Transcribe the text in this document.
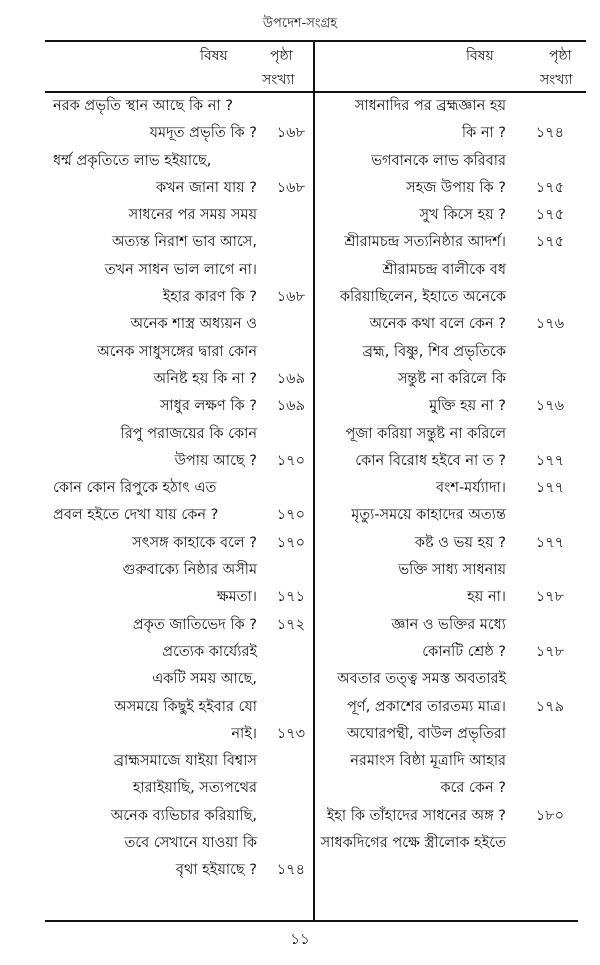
উপদেশ-সংগ্রহ
বিষয়	পৃষ্ঠা
সংখ্যা
বিষয়	পৃষ্ঠা
সংখ্যা
নরক প্রভৃতি স্থান আছে কি না ?
যমদূত প্রভৃতি কি ? ১৬৮
ধর্ম্ম প্রকৃতিতে লাভ হইয়াছে,
কখন জানা যায় ? ১৬৮
সাধনের পর সময় সময়
অত্যন্ত নিরাশ ভাব আসে,
তখন সাধন ভাল লাগে না।
ইহার কারণ কি ? ১৬৮
অনেক শাস্ত্র অধ্যয়ন ও
অনেক সাধুসঙ্গের দ্বারা কোন
অনিষ্ট হয় কি না ? ১৬৯
সাধুর লক্ষণ কি ? ১৬৯
রিপু পরাজয়ের কি কোন
উপায় আছে ? ১৭০
কোন কোন রিপুকে হঠাৎ এত
প্রবল হইতে দেখা যায় কেন ?	১৭০
সৎসঙ্গ কাহাকে বলে ? ১৭০
গুরুবাক্যে নিষ্ঠার অসীম
ক্ষমতা। ১৭১
প্রকৃত জাতিভেদ কি ? ১৭২
প্রত্যেক কার্য্যেরই
একটি সময় আছে,
অসময়ে কিছুই হইবার যো
নাই। ১৭৩
ব্রাহ্মসমাজে যাইয়া বিশ্বাস
হারাইয়াছি, সত্যপথের
অনেক ব্যভিচার করিয়াছি,
তবে সেখানে যাওয়া কি
বৃথা হইয়াছে ? ১৭৪
সাধনাদির পর ব্রহ্মজ্ঞান হয়
কি না ? ১৭৪
ভগবানকে লাভ করিবার
সহজ উপায় কি ? ১৭৫
সুখ কিসে হয় ? ১৭৫
শ্রীরামচন্দ্র সত্যনিষ্ঠার আদর্শ। ১৭৫
শ্রীরামচন্দ্র বালীকে বধ
করিয়াছিলেন, ইহাতে অনেকে
অনেক কথা বলে কেন ? ১৭৬
ব্রহ্ম, বিষ্ণু, শিব প্রভৃতিকে
সন্তুষ্ট না করিলে কি
মুক্তি হয় না ? ১৭৬
পূজা করিয়া সন্তুষ্ট না করিলে
কোন বিরোধ হইবে না ত ? ১৭৭
বংশ-মর্য্যাদা। ১৭৭
মৃত্যু-সময়ে কাহাদের অত্যন্ত
কষ্ট ও ভয় হয় ? ১৭৭
ভক্তি সাধ্য সাধনায়
হয় না। ১৭৮
জ্ঞান ও ভক্তির মধ্যে
কোনটি শ্রেষ্ঠ ? ১৭৮
অবতার তত্ত্ব সমস্ত অবতারই
পূর্ণ, প্রকাশের তারতম্য মাত্র। ১৭৯
অঘোরপন্থী, বাউল প্রভৃতিরা
নরমাংস বিষ্ঠা মূত্রাদি আহার
করে কেন ?
ইহা কি তাঁহাদের সাধনের অঙ্গ ? ১৮০
সাধকদিগের পক্ষে স্ত্রীলোক হইতে
১১
